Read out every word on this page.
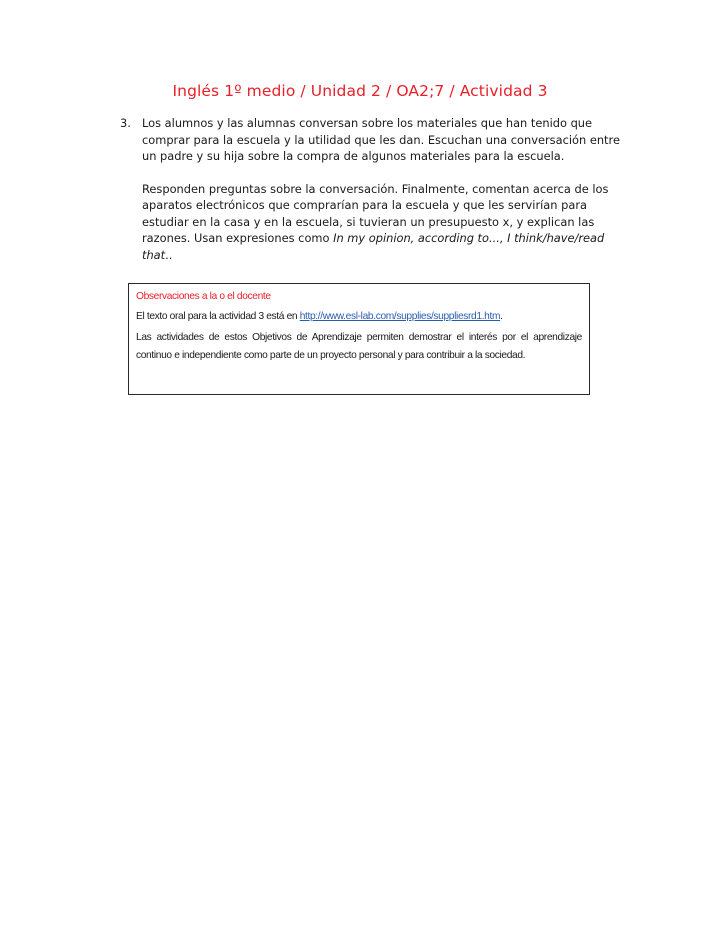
Inglés 1º medio / Unidad 2 / OA2;7 / Actividad 3
3. Los alumnos y las alumnas conversan sobre los materiales que han tenido que comprar para la escuela y la utilidad que les dan. Escuchan una conversación entre un padre y su hija sobre la compra de algunos materiales para la escuela.

Responden preguntas sobre la conversación. Finalmente, comentan acerca de los aparatos electrónicos que comprarían para la escuela y que les servirían para estudiar en la casa y en la escuela, si tuvieran un presupuesto x, y explican las razones. Usan expresiones como In my opinion, according to..., I think/have/read that..

Observaciones a la o el docente

El texto oral para la actividad 3 está en http://www.esl-lab.com/supplies/suppliesrd1.htm.

Las actividades de estos Objetivos de Aprendizaje permiten demostrar el interés por el aprendizaje continuo e independiente como parte de un proyecto personal y para contribuir a la sociedad.
